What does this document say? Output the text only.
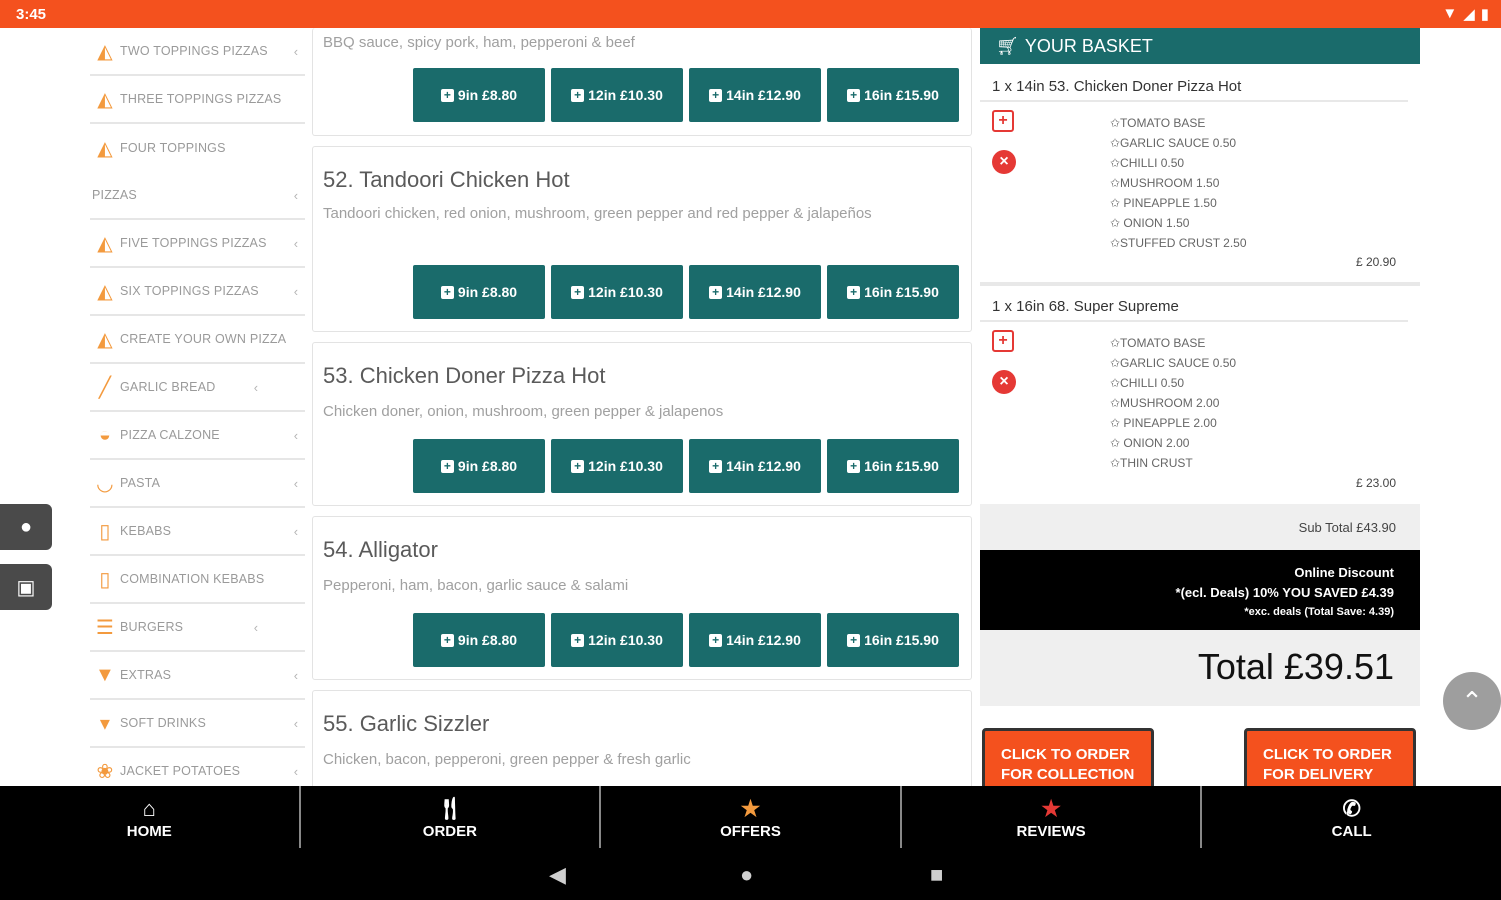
3:45	▼ ◢ ▮
◭ TWO TOPPINGS PIZZAS	‹
◭ THREE TOPPINGS PIZZAS
◭ FOUR TOPPINGS
PIZZAS	‹
◭ FIVE TOPPINGS PIZZAS	‹
◭ SIX TOPPINGS PIZZAS	‹
◭ CREATE YOUR OWN PIZZA
╱ GARLIC BREAD	‹
◒ PIZZA CALZONE	‹
◡ PASTA	‹
▯ KEBABS	‹
▯ COMBINATION KEBABS
☰ BURGERS	‹
▼ EXTRAS	‹
▾ SOFT DRINKS	‹
❀ JACKET POTATOES	‹
●
▣
BBQ sauce, spicy pork, ham, pepperoni & beef
+ 9in £8.80	+ 12in £10.30	+ 14in £12.90	+ 16in £15.90
52. Tandoori Chicken Hot
Tandoori chicken, red onion, mushroom, green pepper and red pepper & jalapeños
+ 9in £8.80	+ 12in £10.30	+ 14in £12.90	+ 16in £15.90
53. Chicken Doner Pizza Hot
Chicken doner, onion, mushroom, green pepper & jalapenos
+ 9in £8.80	+ 12in £10.30	+ 14in £12.90	+ 16in £15.90
54. Alligator
Pepperoni, ham, bacon, garlic sauce & salami
+ 9in £8.80	+ 12in £10.30	+ 14in £12.90	+ 16in £15.90
55. Garlic Sizzler
Chicken, bacon, pepperoni, green pepper & fresh garlic
🛒︎ YOUR BASKET
1 x 14in 53. Chicken Doner Pizza Hot
+
×
✩TOMATO BASE
✩GARLIC SAUCE 0.50
✩CHILLI 0.50
✩MUSHROOM 1.50
✩ PINEAPPLE 1.50
✩ ONION 1.50
✩STUFFED CRUST 2.50
£ 20.90
1 x 16in 68. Super Supreme
+
×
✩TOMATO BASE
✩GARLIC SAUCE 0.50
✩CHILLI 0.50
✩MUSHROOM 2.00
✩ PINEAPPLE 2.00
✩ ONION 2.00
✩THIN CRUST
£ 23.00
Sub Total £43.90
Online Discount
*(ecl. Deals) 10% YOU SAVED £4.39
*exc. deals (Total Save: 4.39)
Total £39.51
CLICK TO ORDER
FOR COLLECTION
CLICK TO ORDER
FOR DELIVERY
⌃
⌂
HOME
🍴︎
ORDER
★
OFFERS
★
REVIEWS
✆
CALL
◀	●	■
